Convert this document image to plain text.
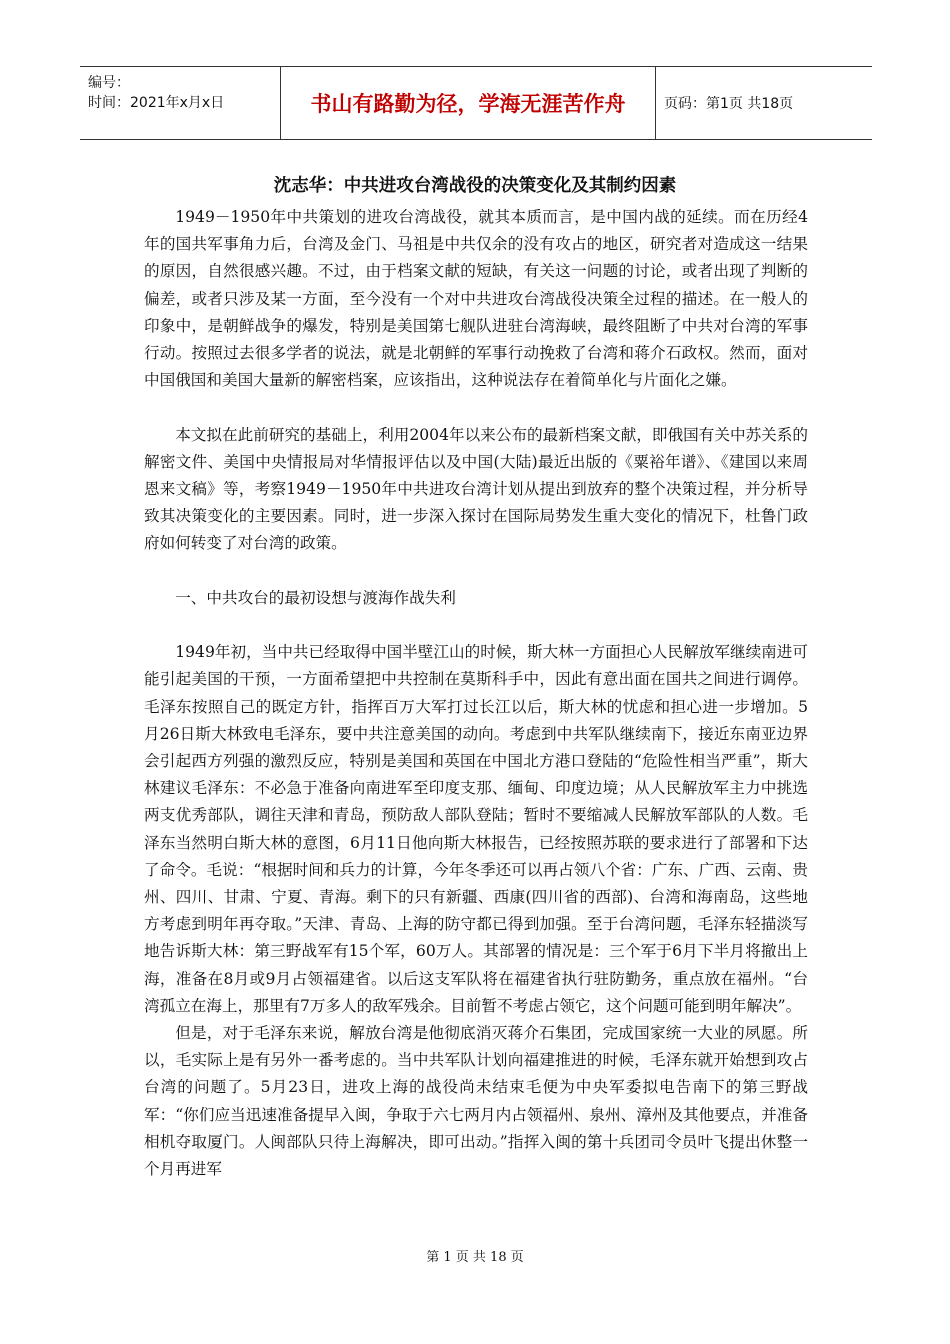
编号：
时间：2021年x月x日	书山有路勤为径，学海无涯苦作舟	页码：第1页 共18页
沈志华：中共进攻台湾战役的决策变化及其制约因素

1949－1950年中共策划的进攻台湾战役，就其本质而言，是中国内战的延续。而在历经4年的国共军事角力后，台湾及金门、马祖是中共仅余的没有攻占的地区，研究者对造成这一结果的原因，自然很感兴趣。不过，由于档案文献的短缺，有关这一问题的讨论，或者出现了判断的偏差，或者只涉及某一方面，至今没有一个对中共进攻台湾战役决策全过程的描述。在一般人的印象中，是朝鲜战争的爆发，特别是美国第七舰队进驻台湾海峡，最终阻断了中共对台湾的军事行动。按照过去很多学者的说法，就是北朝鲜的军事行动挽救了台湾和蒋介石政权。然而，面对中国俄国和美国大量新的解密档案，应该指出，这种说法存在着简单化与片面化之嫌。

本文拟在此前研究的基础上，利用2004年以来公布的最新档案文献，即俄国有关中苏关系的解密文件、美国中央情报局对华情报评估以及中国(大陆)最近出版的《粟裕年谱》、《建国以来周恩来文稿》等，考察1949－1950年中共进攻台湾计划从提出到放弃的整个决策过程，并分析导致其决策变化的主要因素。同时，进一步深入探讨在国际局势发生重大变化的情况下，杜鲁门政府如何转变了对台湾的政策。

一、中共攻台的最初设想与渡海作战失利

1949年初，当中共已经取得中国半壁江山的时候，斯大林一方面担心人民解放军继续南进可能引起美国的干预，一方面希望把中共控制在莫斯科手中，因此有意出面在国共之间进行调停。毛泽东按照自己的既定方针，指挥百万大军打过长江以后，斯大林的忧虑和担心进一步增加。5月26日斯大林致电毛泽东，要中共注意美国的动向。考虑到中共军队继续南下，接近东南亚边界会引起西方列强的激烈反应，特别是美国和英国在中国北方港口登陆的“危险性相当严重”，斯大林建议毛泽东：不必急于准备向南进军至印度支那、缅甸、印度边境；从人民解放军主力中挑选两支优秀部队，调往天津和青岛，预防敌人部队登陆；暂时不要缩减人民解放军部队的人数。毛泽东当然明白斯大林的意图，6月11日他向斯大林报告，已经按照苏联的要求进行了部署和下达了命令。毛说：“根据时间和兵力的计算，今年冬季还可以再占领八个省：广东、广西、云南、贵州、四川、甘肃、宁夏、青海。剩下的只有新疆、西康(四川省的西部)、台湾和海南岛，这些地方考虑到明年再夺取。”天津、青岛、上海的防守都已得到加强。至于台湾问题，毛泽东轻描淡写地告诉斯大林：第三野战军有15个军，60万人。其部署的情况是：三个军于6月下半月将撤出上海，准备在8月或9月占领福建省。以后这支军队将在福建省执行驻防勤务，重点放在福州。“台湾孤立在海上，那里有7万多人的敌军残余。目前暂不考虑占领它，这个问题可能到明年解决”。

但是，对于毛泽东来说，解放台湾是他彻底消灭蒋介石集团，完成国家统一大业的夙愿。所以，毛实际上是有另外一番考虑的。当中共军队计划向福建推进的时候，毛泽东就开始想到攻占台湾的问题了。5月23日，进攻上海的战役尚未结束毛便为中央军委拟电告南下的第三野战军：“你们应当迅速准备提早入闽，争取于六七两月内占领福州、泉州、漳州及其他要点，并准备相机夺取厦门。人闽部队只待上海解决，即可出动。”指挥入闽的第十兵团司令员叶飞提出休整一个月再进军

第 1 页 共 18 页
